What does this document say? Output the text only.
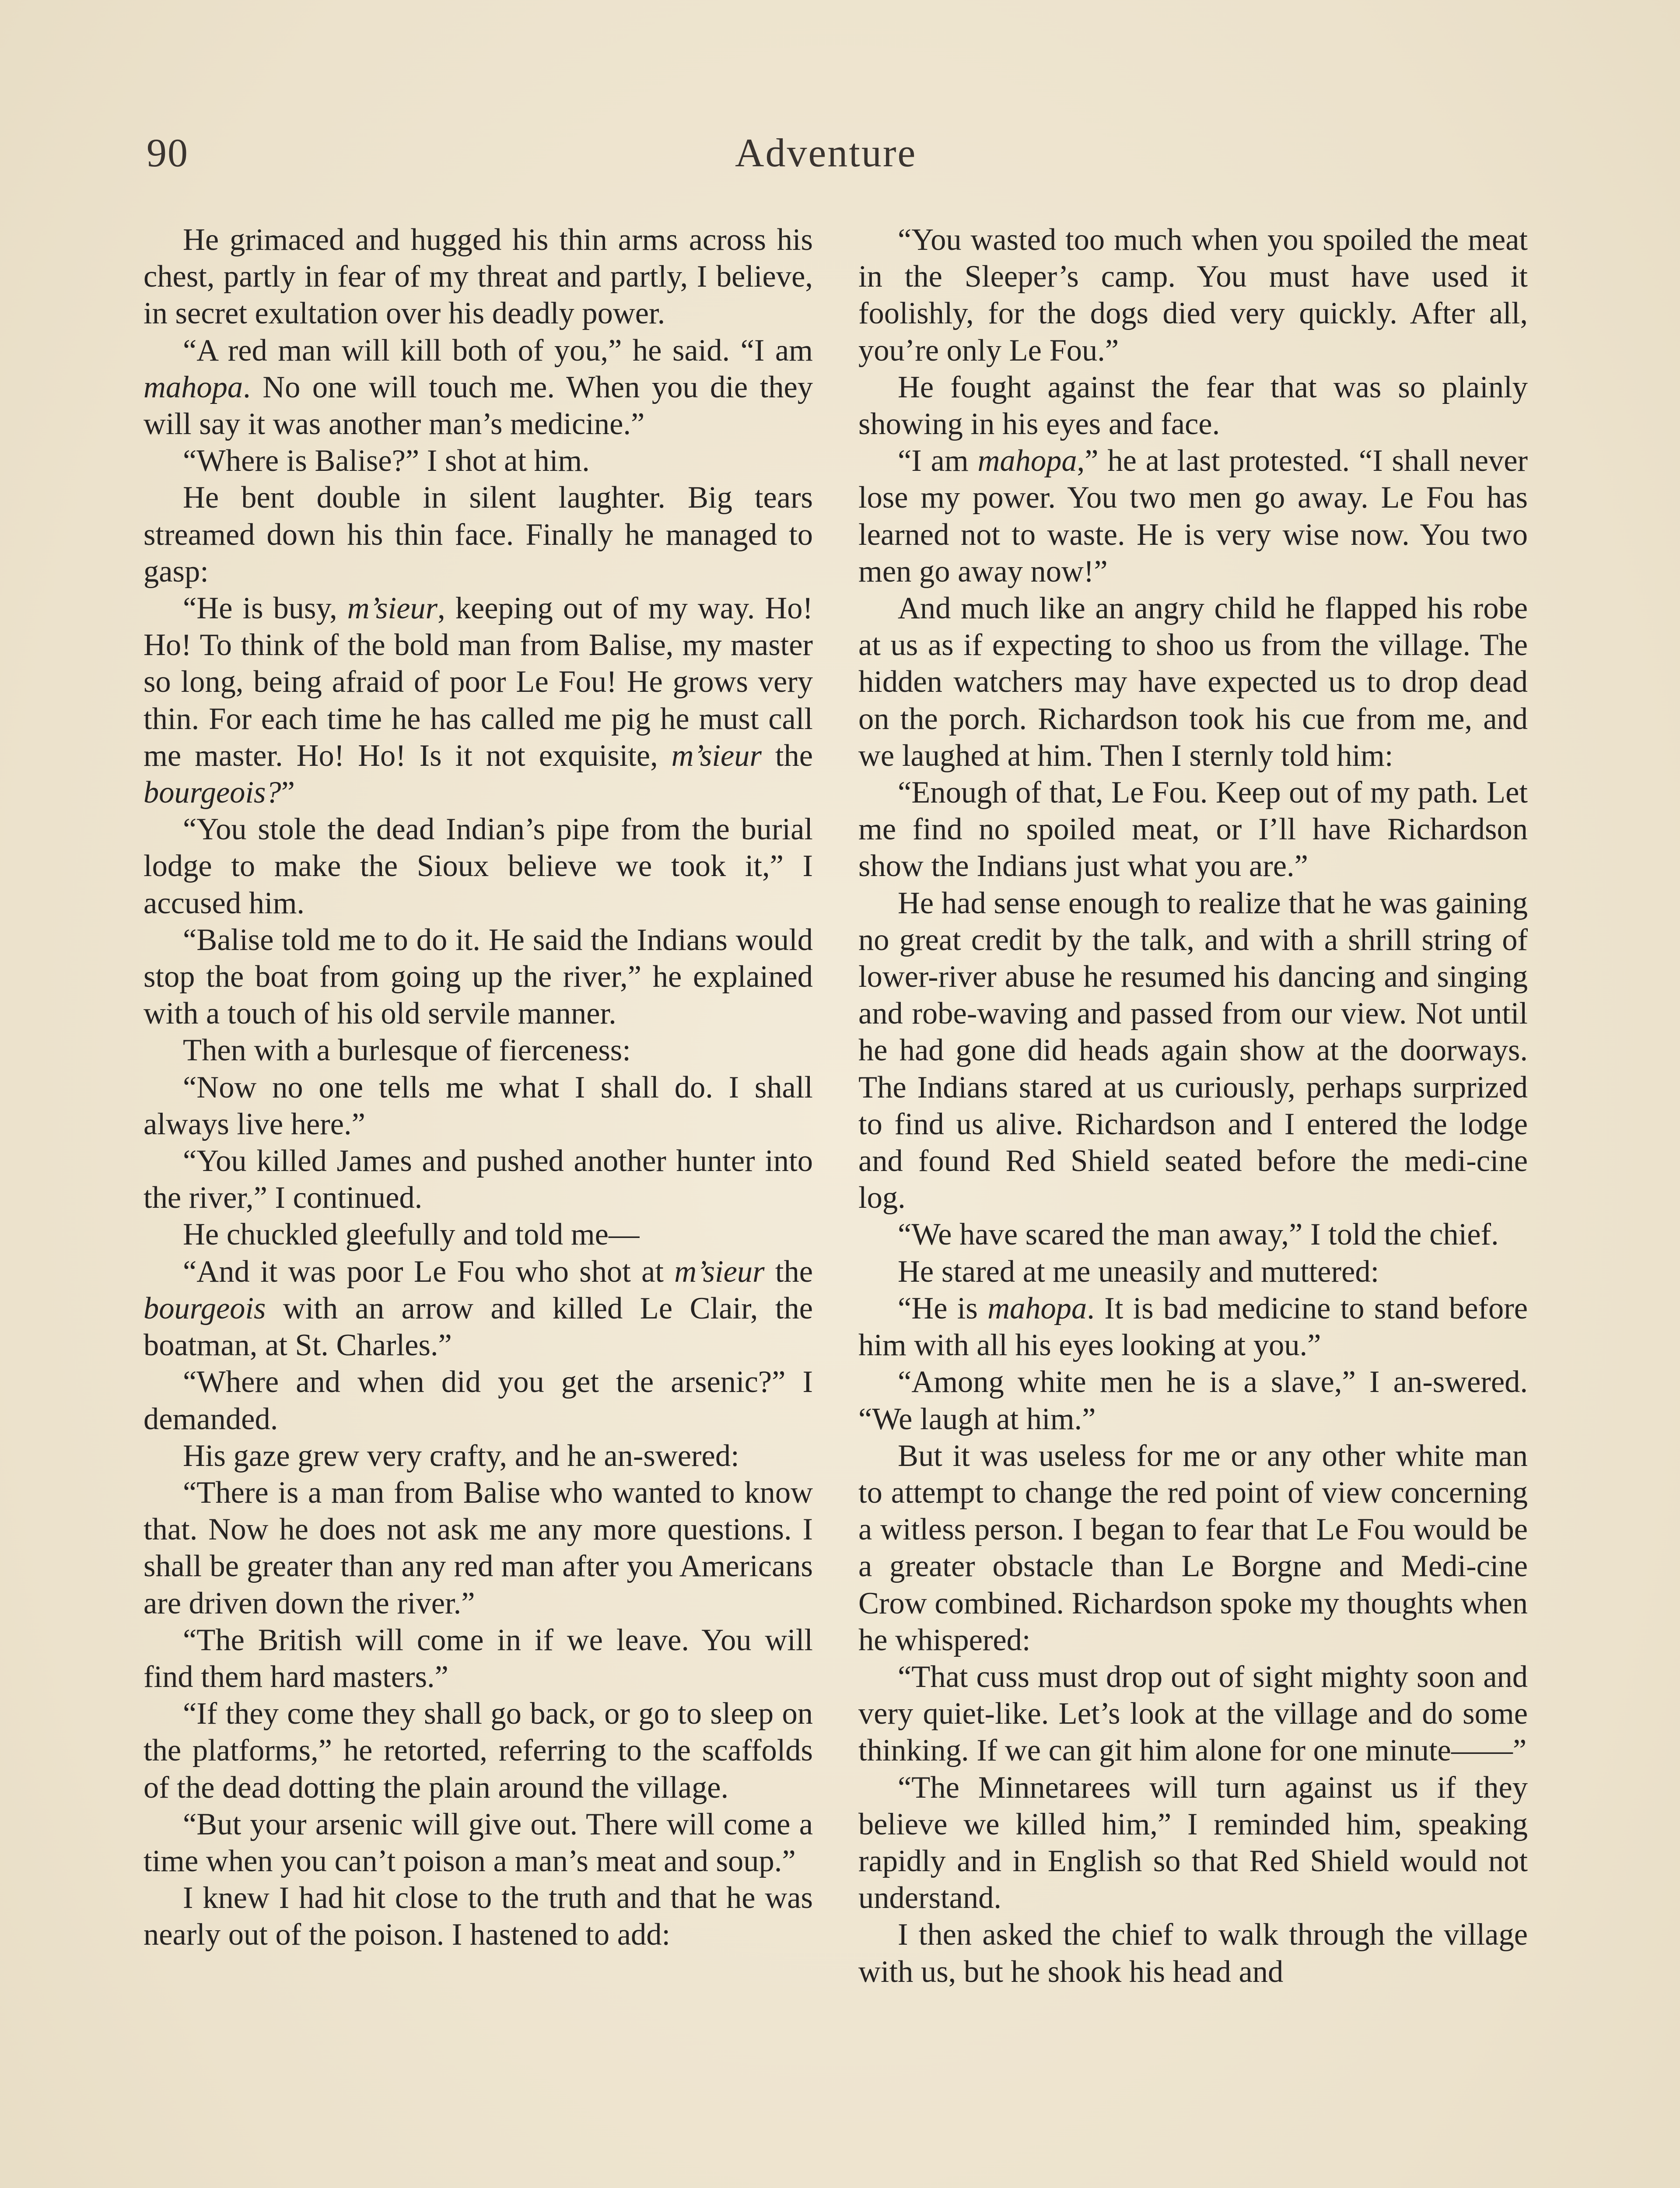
90	Adventure

He grimaced and hugged his thin arms across his chest, partly in fear of my threat and partly, I believe, in secret exultation over his deadly power.

“A red man will kill both of you,” he said. “I am mahopa. No one will touch me. When you die they will say it was another man’s medicine.”

“Where is Balise?” I shot at him.

He bent double in silent laughter. Big tears streamed down his thin face. Finally he managed to gasp:

“He is busy, m’sieur, keeping out of my way. Ho! Ho! To think of the bold man from Balise, my master so long, being afraid of poor Le Fou! He grows very thin. For each time he has called me pig he must call me master. Ho! Ho! Is it not exquisite, m’sieur the bourgeois?”

“You stole the dead Indian’s pipe from the burial lodge to make the Sioux believe we took it,” I accused him.

“Balise told me to do it. He said the Indians would stop the boat from going up the river,” he explained with a touch of his old servile manner.

Then with a burlesque of fierceness:

“Now no one tells me what I shall do. I shall always live here.”

“You killed James and pushed another hunter into the river,” I continued.

He chuckled gleefully and told me—

“And it was poor Le Fou who shot at m’sieur the bourgeois with an arrow and killed Le Clair, the boatman, at St. Charles.”

“Where and when did you get the arsenic?” I demanded.

His gaze grew very crafty, and he an-swered:

“There is a man from Balise who wanted to know that. Now he does not ask me any more questions. I shall be greater than any red man after you Americans are driven down the river.”

“The British will come in if we leave. You will find them hard masters.”

“If they come they shall go back, or go to sleep on the platforms,” he retorted, referring to the scaffolds of the dead dotting the plain around the village.

“But your arsenic will give out. There will come a time when you can’t poison a man’s meat and soup.”

I knew I had hit close to the truth and that he was nearly out of the poison. I hastened to add:

“You wasted too much when you spoiled the meat in the Sleeper’s camp. You must have used it foolishly, for the dogs died very quickly. After all, you’re only Le Fou.”

He fought against the fear that was so plainly showing in his eyes and face.

“I am mahopa,” he at last protested. “I shall never lose my power. You two men go away. Le Fou has learned not to waste. He is very wise now. You two men go away now!”

And much like an angry child he flapped his robe at us as if expecting to shoo us from the village. The hidden watchers may have expected us to drop dead on the porch. Richardson took his cue from me, and we laughed at him. Then I sternly told him:

“Enough of that, Le Fou. Keep out of my path. Let me find no spoiled meat, or I’ll have Richardson show the Indians just what you are.”

He had sense enough to realize that he was gaining no great credit by the talk, and with a shrill string of lower-river abuse he resumed his dancing and singing and robe-waving and passed from our view. Not until he had gone did heads again show at the doorways. The Indians stared at us curiously, perhaps surprized to find us alive. Richardson and I entered the lodge and found Red Shield seated before the medi-cine log.

“We have scared the man away,” I told the chief.

He stared at me uneasily and muttered:

“He is mahopa. It is bad medicine to stand before him with all his eyes looking at you.”

“Among white men he is a slave,” I an-swered. “We laugh at him.”

But it was useless for me or any other white man to attempt to change the red point of view concerning a witless person. I began to fear that Le Fou would be a greater obstacle than Le Borgne and Medi-cine Crow combined. Richardson spoke my thoughts when he whispered:

“That cuss must drop out of sight mighty soon and very quiet-like. Let’s look at the village and do some thinking. If we can git him alone for one minute——”

“The Minnetarees will turn against us if they believe we killed him,” I reminded him, speaking rapidly and in English so that Red Shield would not understand.

I then asked the chief to walk through the village with us, but he shook his head and
